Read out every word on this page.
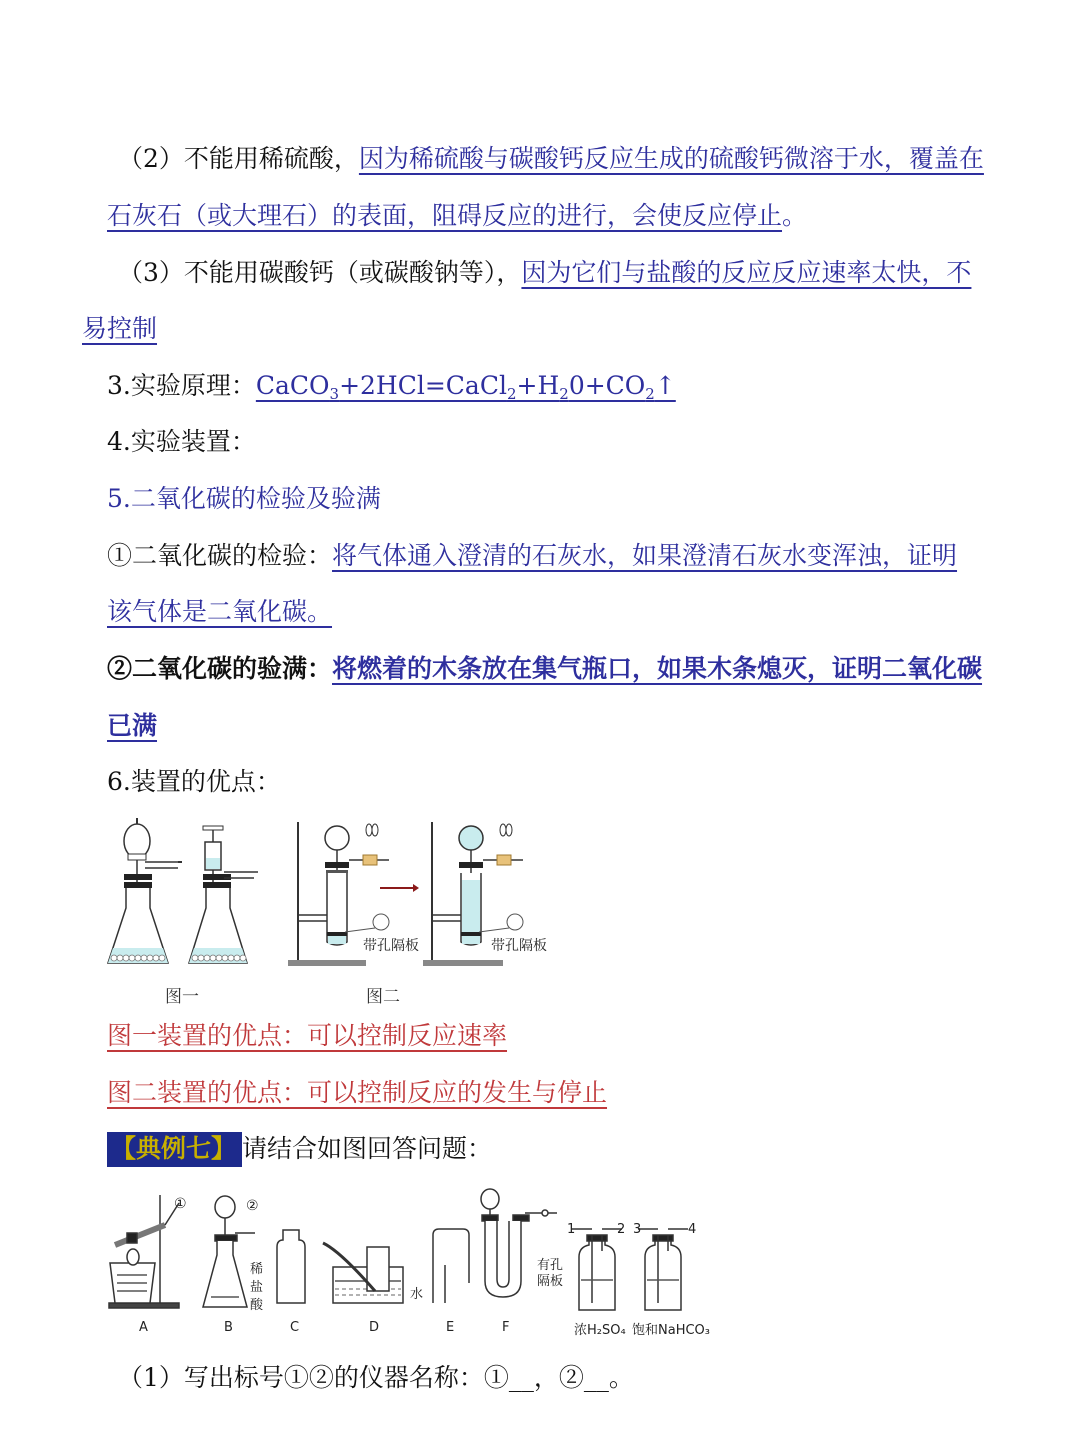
（2）不能用稀硫酸，因为稀硫酸与碳酸钙反应生成的硫酸钙微溶于水，覆盖在
石灰石（或大理石）的表面，阻碍反应的进行，会使反应停止。
（3）不能用碳酸钙（或碳酸钠等），因为它们与盐酸的反应反应速率太快，不
易控制
3.实验原理：$CaCO_3+2HCl=CaCl_2+H_20+CO_2↑$
4.实验装置：
5.二氧化碳的检验及验满
①二氧化碳的检验：将气体通入澄清的石灰水，如果澄清石灰水变浑浊，证明
该气体是二氧化碳。
②二氧化碳的验满：将燃着的木条放在集气瓶口，如果木条熄灭，证明二氧化碳
已满
6.装置的优点：
带孔隔板	带孔隔板
图一	图二
图一装置的优点：可以控制反应速率
图二装置的优点：可以控制反应的发生与停止
【典例七】 请结合如图回答问题：
①	②
稀
盐
酸
水
有孔
隔板
1	2 3	4
A	B	C	D	E	F	浓H₂SO₄ 饱和NaHCO₃
（1）写出标号①②的仪器名称：①__，②__。
